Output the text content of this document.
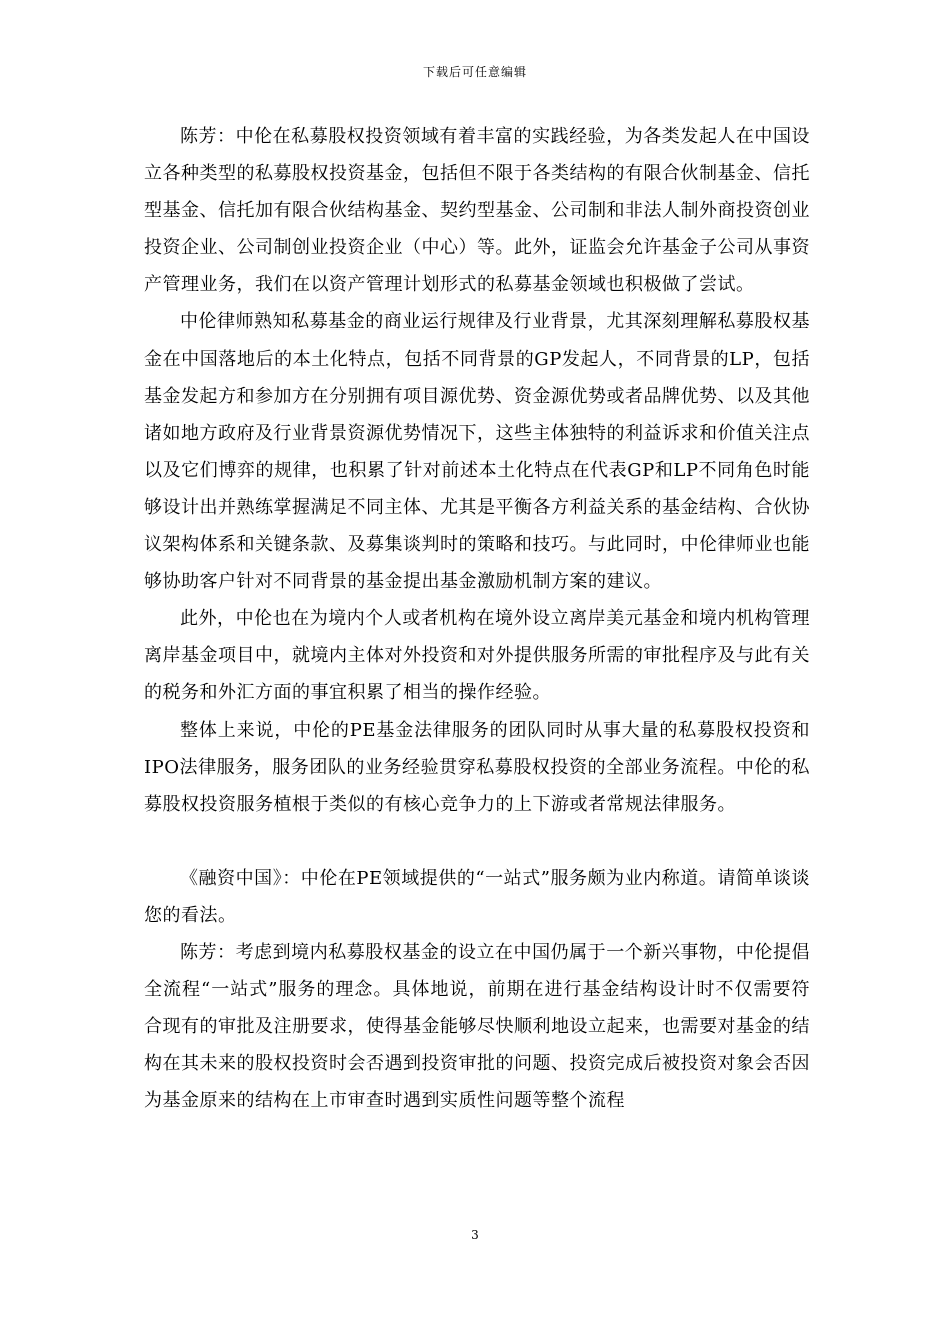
下载后可任意编辑

陈芳：中伦在私募股权投资领域有着丰富的实践经验，为各类发起人在中国设立各种类型的私募股权投资基金，包括但不限于各类结构的有限合伙制基金、信托型基金、信托加有限合伙结构基金、契约型基金、公司制和非法人制外商投资创业投资企业、公司制创业投资企业（中心）等。此外，证监会允许基金子公司从事资产管理业务，我们在以资产管理计划形式的私募基金领域也积极做了尝试。

中伦律师熟知私募基金的商业运行规律及行业背景，尤其深刻理解私募股权基金在中国落地后的本土化特点，包括不同背景的GP发起人，不同背景的LP，包括基金发起方和参加方在分别拥有项目源优势、资金源优势或者品牌优势、以及其他诸如地方政府及行业背景资源优势情况下，这些主体独特的利益诉求和价值关注点以及它们博弈的规律，也积累了针对前述本土化特点在代表GP和LP不同角色时能够设计出并熟练掌握满足不同主体、尤其是平衡各方利益关系的基金结构、合伙协议架构体系和关键条款、及募集谈判时的策略和技巧。与此同时，中伦律师业也能够协助客户针对不同背景的基金提出基金激励机制方案的建议。

此外，中伦也在为境内个人或者机构在境外设立离岸美元基金和境内机构管理离岸基金项目中，就境内主体对外投资和对外提供服务所需的审批程序及与此有关的税务和外汇方面的事宜积累了相当的操作经验。

整体上来说，中伦的PE基金法律服务的团队同时从事大量的私募股权投资和IPO法律服务，服务团队的业务经验贯穿私募股权投资的全部业务流程。中伦的私募股权投资服务植根于类似的有核心竞争力的上下游或者常规法律服务。

《融资中国》：中伦在PE领域提供的“一站式”服务颇为业内称道。请简单谈谈您的看法。

陈芳：考虑到境内私募股权基金的设立在中国仍属于一个新兴事物，中伦提倡全流程“一站式”服务的理念。具体地说，前期在进行基金结构设计时不仅需要符合现有的审批及注册要求，使得基金能够尽快顺利地设立起来，也需要对基金的结构在其未来的股权投资时会否遇到投资审批的问题、投资完成后被投资对象会否因为基金原来的结构在上市审查时遇到实质性问题等整个流程

3
